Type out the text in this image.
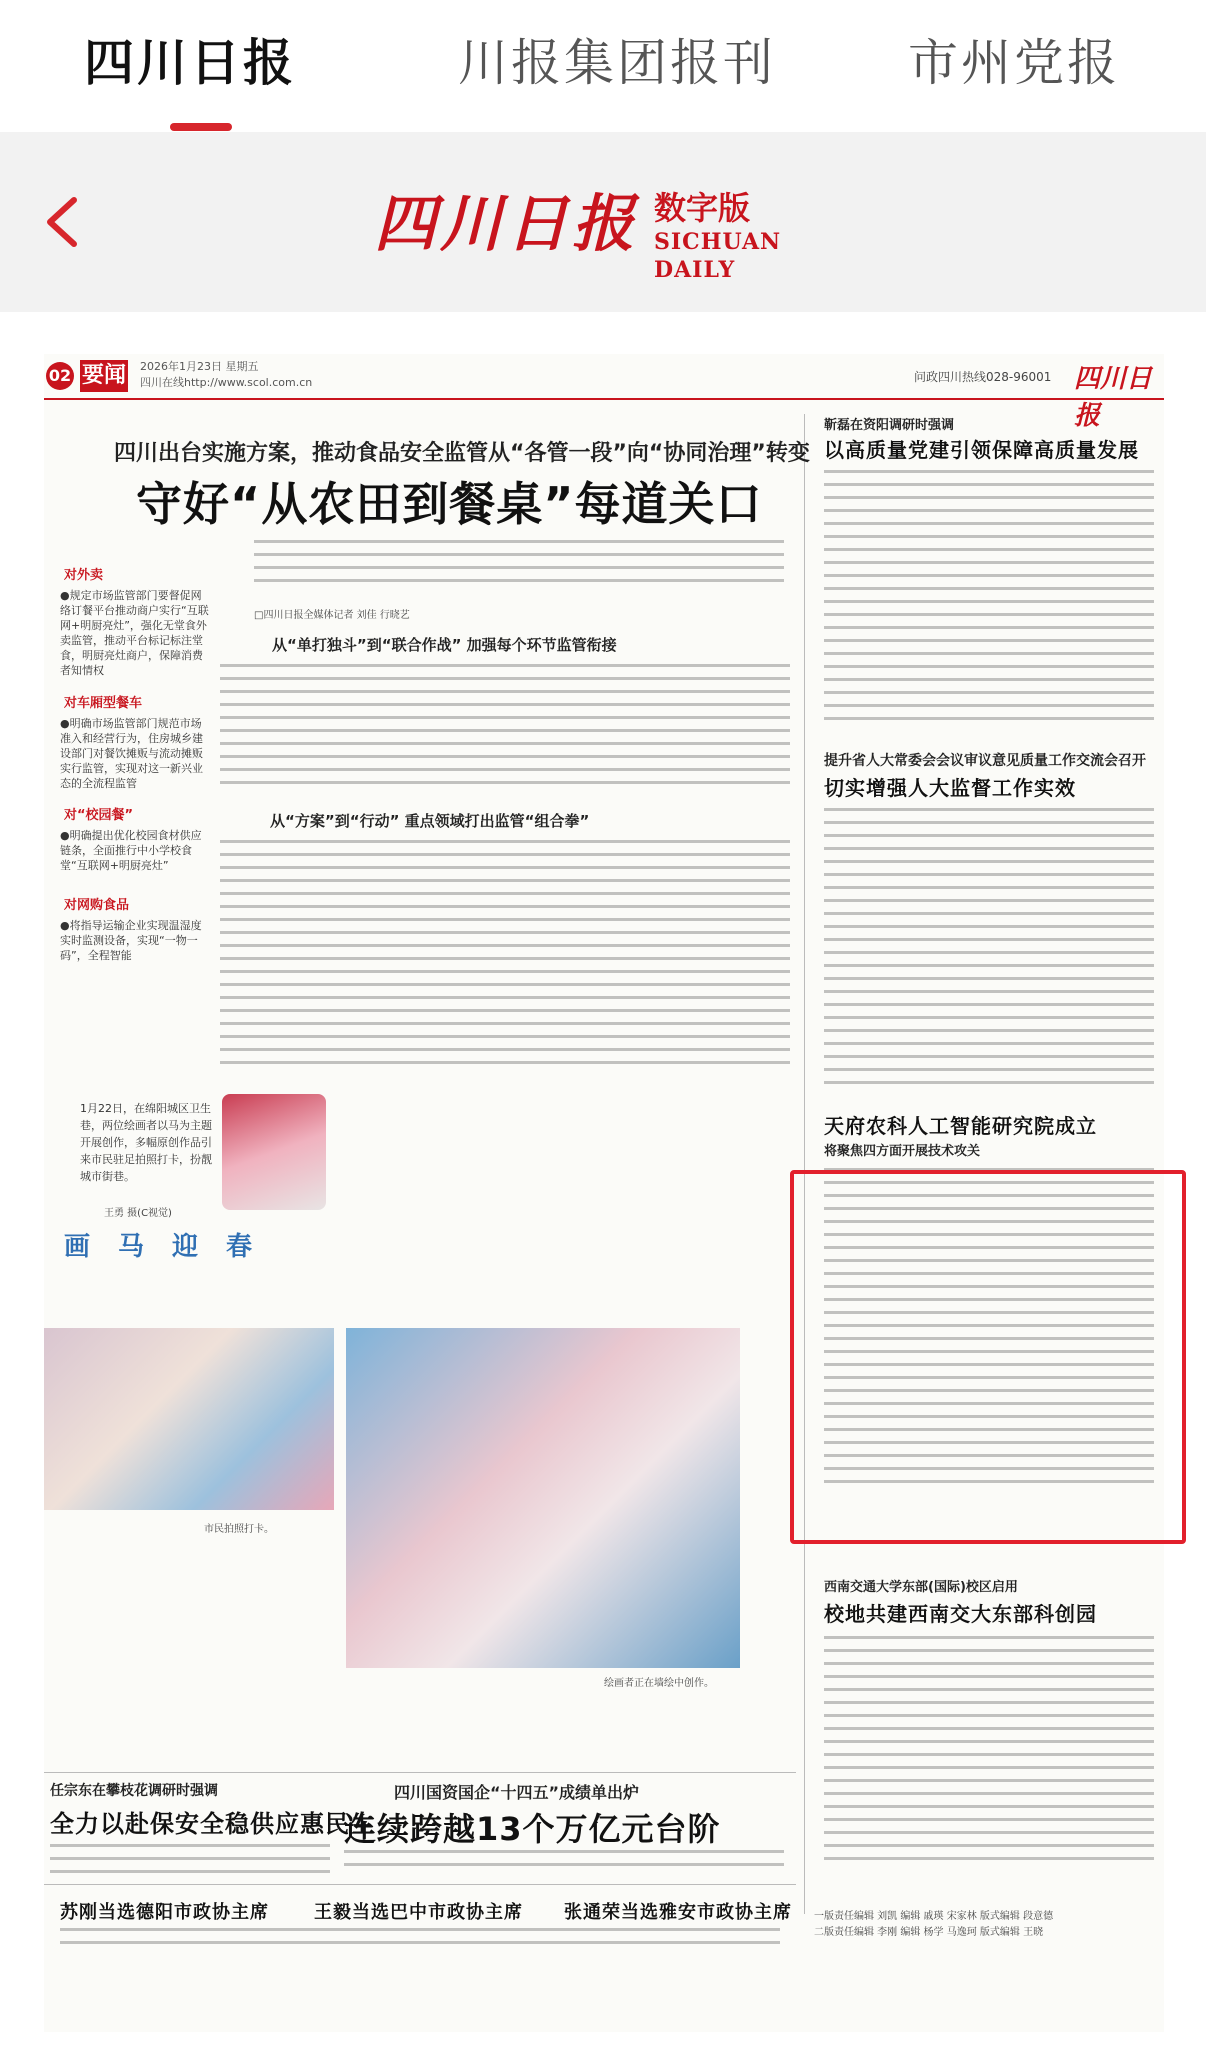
四川日报	川报集团报刊	市州党报
四川日报 数字版
SICHUAN DAILY
02 要闻 2026年1月23日 星期五
四川在线http://www.scol.com.cn	问政四川热线028-96001 四川日报
四川出台实施方案，推动食品安全监管从“各管一段”向“协同治理”转变
守好“从农田到餐桌”每道关口
□四川日报全媒体记者 刘佳 行晓艺
对外卖
●规定市场监管部门要督促网络订餐平台推动商户实行“互联网+明厨亮灶”，强化无堂食外卖监管，推动平台标记标注堂食，明厨亮灶商户，保障消费者知情权
对车厢型餐车
●明确市场监管部门规范市场准入和经营行为，住房城乡建设部门对餐饮摊贩与流动摊贩实行监管，实现对这一新兴业态的全流程监管
对“校园餐”
●明确提出优化校园食材供应链条，全面推行中小学校食堂“互联网+明厨亮灶”
对网购食品
●将指导运输企业实现温湿度实时监测设备，实现“一物一码”，全程智能
从“单打独斗”到“联合作战” 加强每个环节监管衔接
从“方案”到“行动” 重点领域打出监管“组合拳”
1月22日，在绵阳城区卫生巷，两位绘画者以马为主题开展创作，多幅原创作品引来市民驻足拍照打卡，扮靓城市街巷。
王勇 摄(C视觉)
画马迎春
市民拍照打卡。
绘画者正在墙绘中创作。
任宗东在攀枝花调研时强调
全力以赴保安全稳供应惠民生
四川国资国企“十四五”成绩单出炉
连续跨越13个万亿元台阶
苏刚当选德阳市政协主席	王毅当选巴中市政协主席 张通荣当选雅安市政协主席
靳磊在资阳调研时强调
以高质量党建引领保障高质量发展
提升省人大常委会会议审议意见质量工作交流会召开
切实增强人大监督工作实效
天府农科人工智能研究院成立
将聚焦四方面开展技术攻关
西南交通大学东部(国际)校区启用
校地共建西南交大东部科创园
一版责任编辑 刘凯 编辑 戚瑛 宋家林 版式编辑 段意德
二版责任编辑 李刚 编辑 杨学 马逸珂 版式编辑 王晓
